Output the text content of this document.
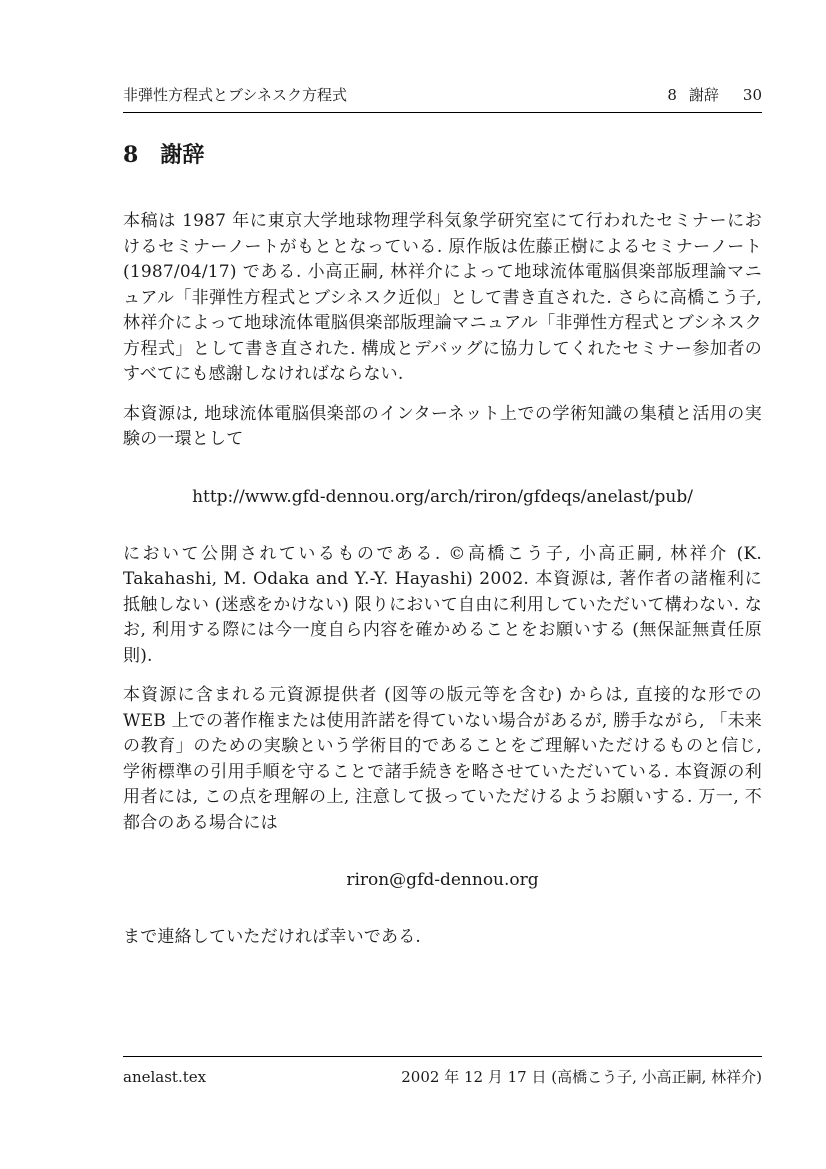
非弾性方程式とブシネスク方程式	8 謝辞 30
8 謝辞

本稿は 1987 年に東京大学地球物理学科気象学研究室にて行われたセミナーにおけるセミナーノートがもととなっている. 原作版は佐藤正樹によるセミナーノート (1987/04/17) である. 小高正嗣, 林祥介によって地球流体電脳倶楽部版理論マニュアル「非弾性方程式とブシネスク近似」として書き直された. さらに高橋こう子, 林祥介によって地球流体電脳倶楽部版理論マニュアル「非弾性方程式とブシネスク方程式」として書き直された. 構成とデバッグに協力してくれたセミナー参加者のすべてにも感謝しなければならない.

本資源は, 地球流体電脳倶楽部のインターネット上での学術知識の集積と活用の実験の一環として

http://www.gfd-dennou.org/arch/riron/gfdeqs/anelast/pub/

において公開されているものである. ©高橋こう子, 小高正嗣, 林祥介 (K. Takahashi, M. Odaka and Y.-Y. Hayashi) 2002. 本資源は, 著作者の諸権利に抵触しない (迷惑をかけない) 限りにおいて自由に利用していただいて構わない. なお, 利用する際には今一度自ら内容を確かめることをお願いする (無保証無責任原則).

本資源に含まれる元資源提供者 (図等の版元等を含む) からは, 直接的な形での WEB 上での著作権または使用許諾を得ていない場合があるが, 勝手ながら, 「未来の教育」のための実験という学術目的であることをご理解いただけるものと信じ, 学術標準の引用手順を守ることで諸手続きを略させていただいている. 本資源の利用者には, この点を理解の上, 注意して扱っていただけるようお願いする. 万一, 不都合のある場合には

riron@gfd-dennou.org

まで連絡していただければ幸いである.

anelast.tex	2002 年 12 月 17 日 (高橋こう子, 小高正嗣, 林祥介)
